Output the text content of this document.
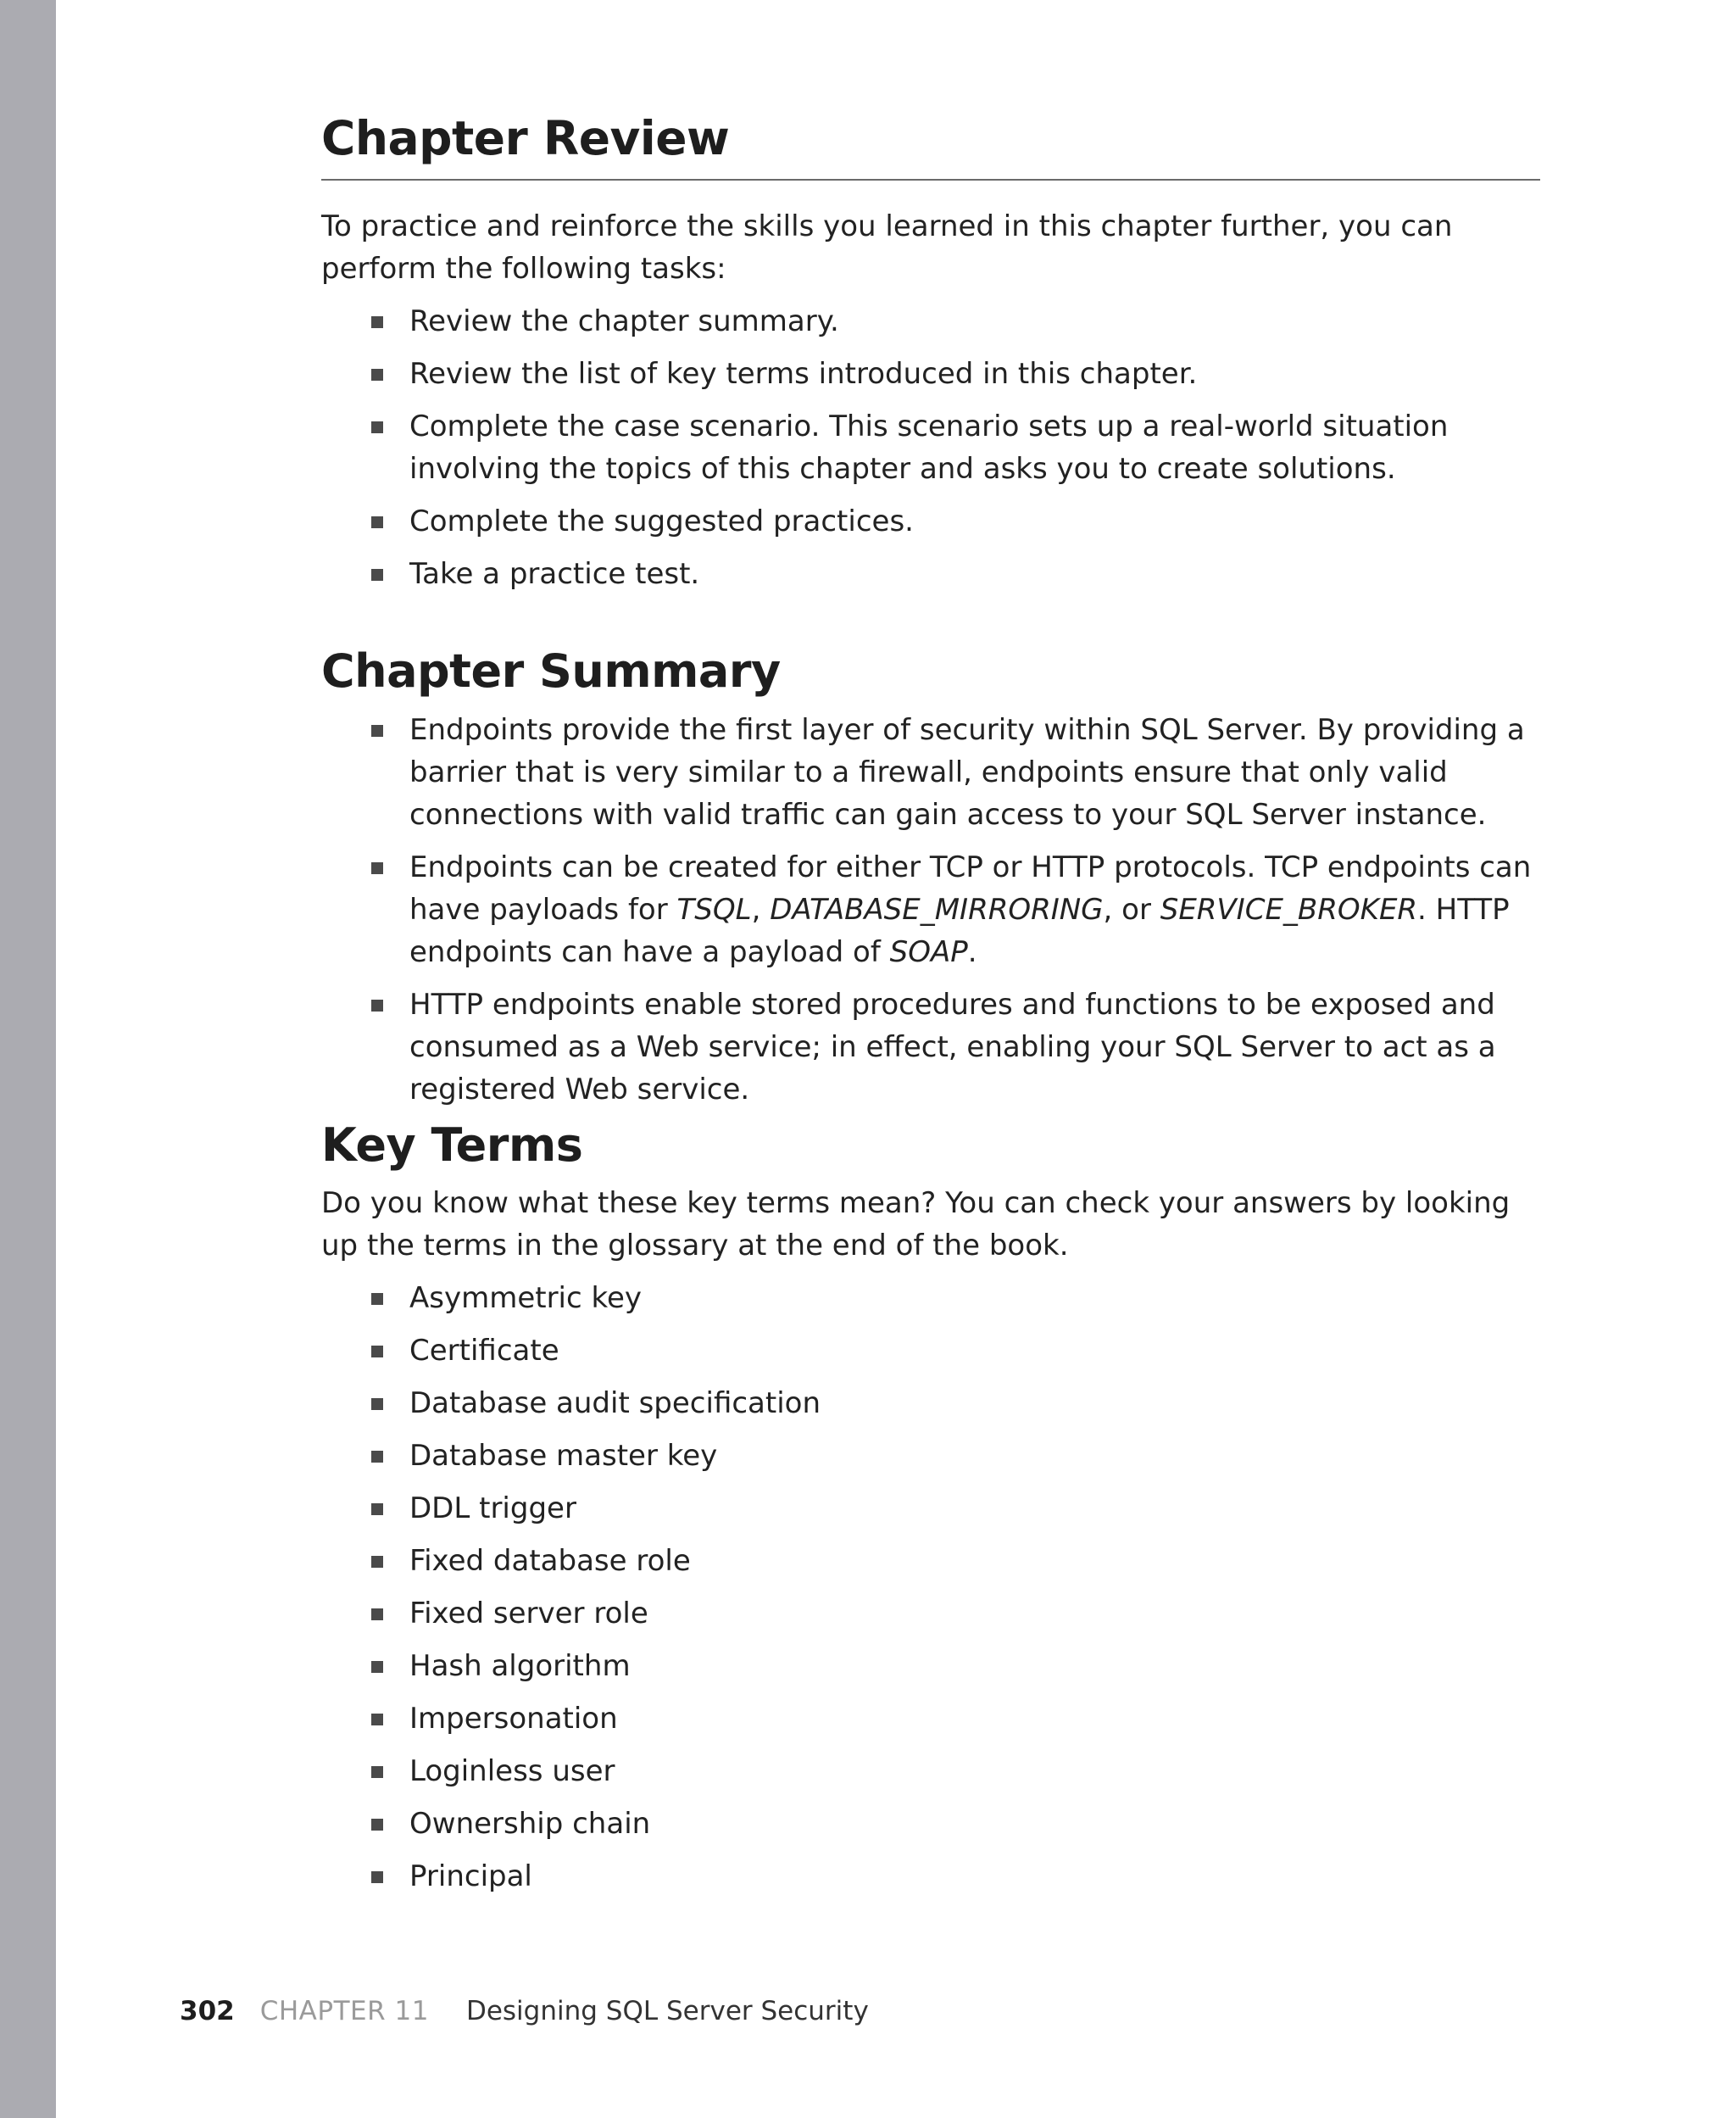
Chapter Review

To practice and reinforce the skills you learned in this chapter further, you can perform the following tasks:

Review the chapter summary.
Review the list of key terms introduced in this chapter.
Complete the case scenario. This scenario sets up a real-world situation involving the topics of this chapter and asks you to create solutions.
Complete the suggested practices.
Take a practice test.
Chapter Summary
Endpoints provide the first layer of security within SQL Server. By providing a barrier that is very similar to a firewall, endpoints ensure that only valid connections with valid traffic can gain access to your SQL Server instance.
Endpoints can be created for either TCP or HTTP protocols. TCP endpoints can have payloads for TSQL, DATABASE_MIRRORING, or SERVICE_BROKER. HTTP endpoints can have a payload of SOAP.
HTTP endpoints enable stored procedures and functions to be exposed and consumed as a Web service; in effect, enabling your SQL Server to act as a registered Web service.
Key Terms

Do you know what these key terms mean? You can check your answers by looking up the terms in the glossary at the end of the book.

Asymmetric key
Certificate
Database audit specification
Database master key
DDL trigger
Fixed database role
Fixed server role
Hash algorithm
Impersonation
Loginless user
Ownership chain
Principal
302 CHAPTER 11 Designing SQL Server Security
